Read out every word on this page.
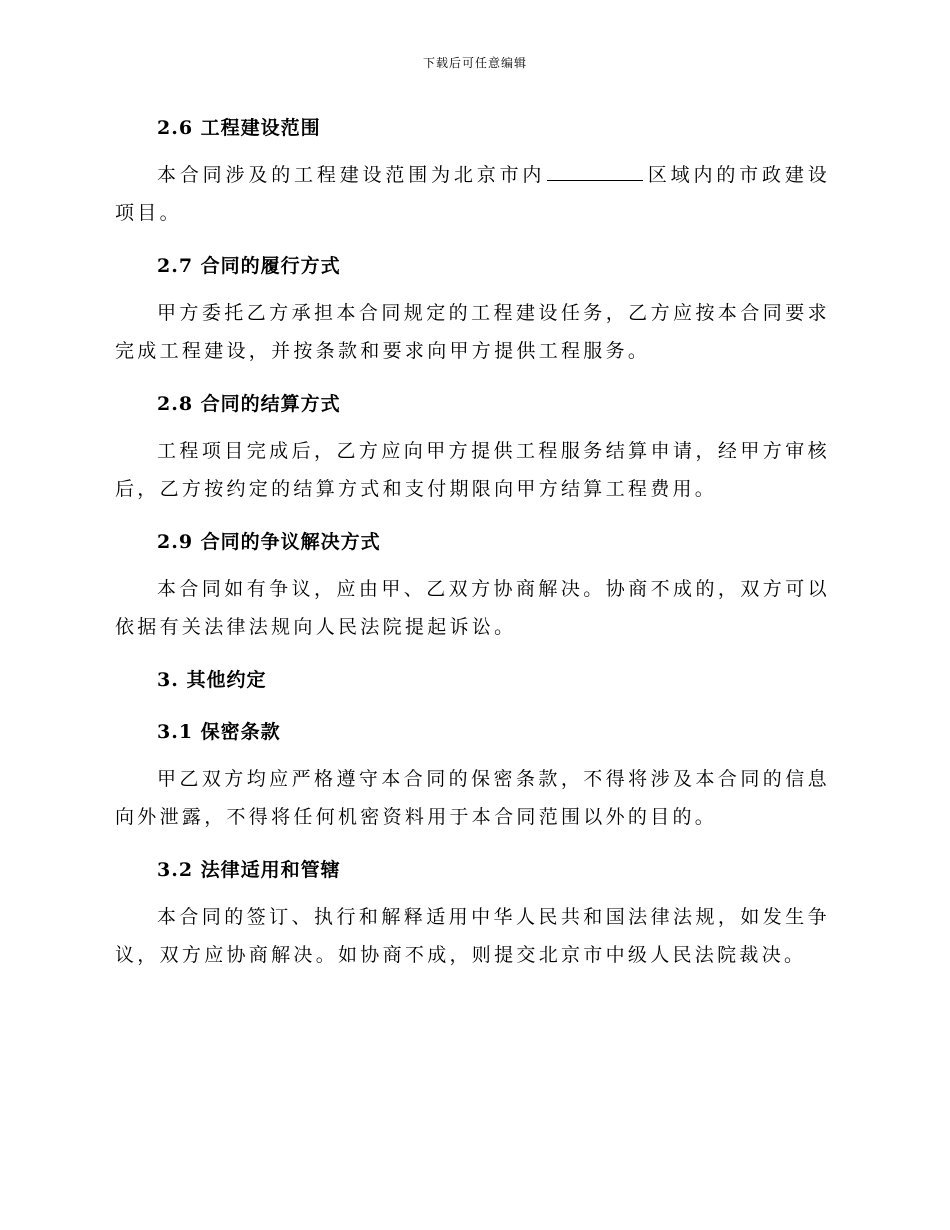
下载后可任意编辑
2.6 工程建设范围
本合同涉及的工程建设范围为北京市内	区域内的市政建设项目。
2.7 合同的履行方式
甲方委托乙方承担本合同规定的工程建设任务，乙方应按本合同要求完成工程建设，并按条款和要求向甲方提供工程服务。
2.8 合同的结算方式
工程项目完成后，乙方应向甲方提供工程服务结算申请，经甲方审核后，乙方按约定的结算方式和支付期限向甲方结算工程费用。
2.9 合同的争议解决方式
本合同如有争议，应由甲、乙双方协商解决。协商不成的，双方可以依据有关法律法规向人民法院提起诉讼。
3. 其他约定
3.1 保密条款
甲乙双方均应严格遵守本合同的保密条款，不得将涉及本合同的信息向外泄露，不得将任何机密资料用于本合同范围以外的目的。
3.2 法律适用和管辖
本合同的签订、执行和解释适用中华人民共和国法律法规，如发生争议，双方应协商解决。如协商不成，则提交北京市中级人民法院裁决。
